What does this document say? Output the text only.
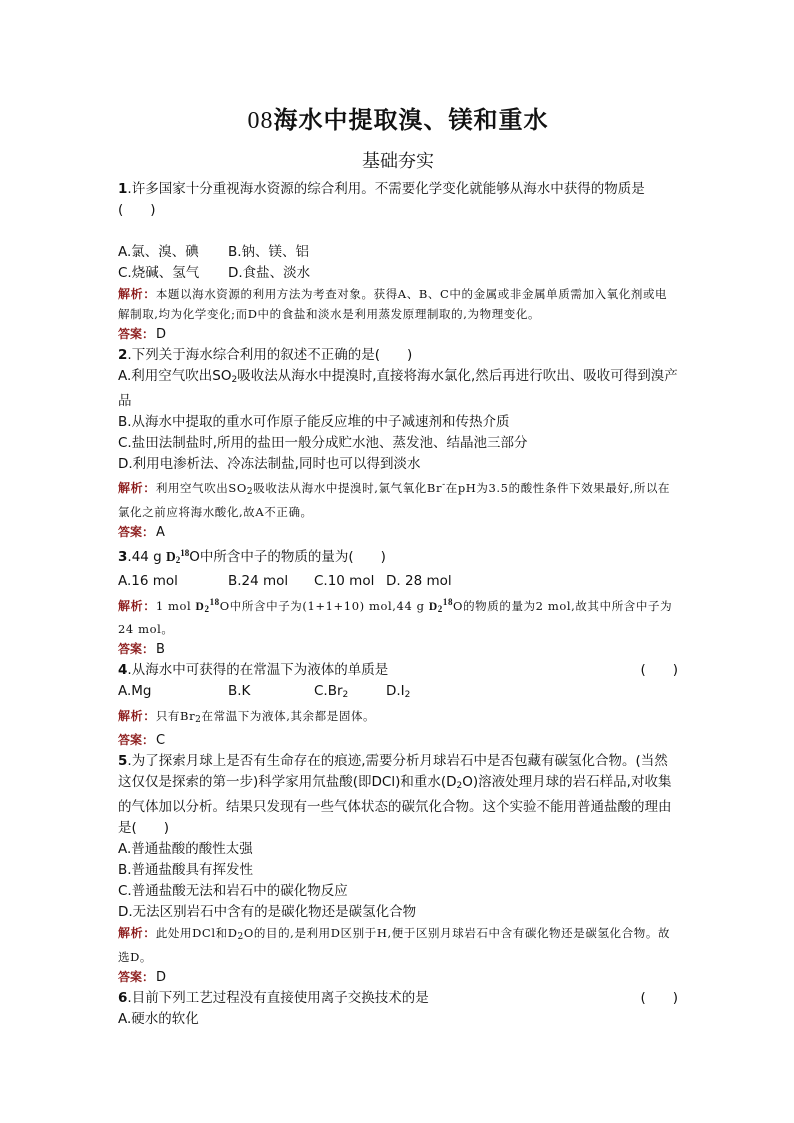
08海水中提取溴、镁和重水
基础夯实
1.许多国家十分重视海水资源的综合利用。不需要化学变化就能够从海水中获得的物质是
(　　)
A.氯、溴、碘	B.钠、镁、铝
C.烧碱、氢气	D.食盐、淡水
解析：本题以海水资源的利用方法为考查对象。获得A、B、C中的金属或非金属单质需加入氧化剂或电解制取,均为化学变化;而D中的食盐和淡水是利用蒸发原理制取的,为物理变化。
答案： D
2.下列关于海水综合利用的叙述不正确的是(　　)
A.利用空气吹出$SO_2$吸收法从海水中提溴时,直接将海水氯化,然后再进行吹出、吸收可得到溴产品
B.从海水中提取的重水可作原子能反应堆的中子减速剂和传热介质
C.盐田法制盐时,所用的盐田一般分成贮水池、蒸发池、结晶池三部分
D.利用电渗析法、冷冻法制盐,同时也可以得到淡水
解析：利用空气吹出$SO_2$吸收法从海水中提溴时,氯气氧化Br-在pH为3.5的酸性条件下效果最好,所以在氯化之前应将海水酸化,故A不正确。
答案： A
3.44 g $D_2^{18}O$中所含中子的物质的量为(　　)
A.16 mol	B.24 mol	C.10 mol D. 28 mol
解析：1 mol $D_2^{18}O$中所含中子为(1+1+10) mol,44 g $D_2^{18}O$的物质的量为2 mol,故其中所含中子为24 mol。
答案： B
4.从海水中可获得的在常温下为液体的单质是	(　　)
A.Mg	B.K	$C.Br_2$	$D.I_2$
解析：只有$Br_2$在常温下为液体,其余都是固体。
答案： C
5.为了探索月球上是否有生命存在的痕迹,需要分析月球岩石中是否包藏有碳氢化合物。(当然这仅仅是探索的第一步)科学家用氘盐酸(即DCl)和重水$(D_2O)$溶液处理月球的岩石样品,对收集的气体加以分析。结果只发现有一些气体状态的碳氘化合物。这个实验不能用普通盐酸的理由是(　　)
A.普通盐酸的酸性太强
B.普通盐酸具有挥发性
C.普通盐酸无法和岩石中的碳化物反应
D.无法区别岩石中含有的是碳化物还是碳氢化合物
解析：此处用DCl和$D_2O$的目的,是利用D区别于H,便于区别月球岩石中含有碳化物还是碳氢化合物。故选D。
答案： D
6.目前下列工艺过程没有直接使用离子交换技术的是	(　　)
A.硬水的软化
